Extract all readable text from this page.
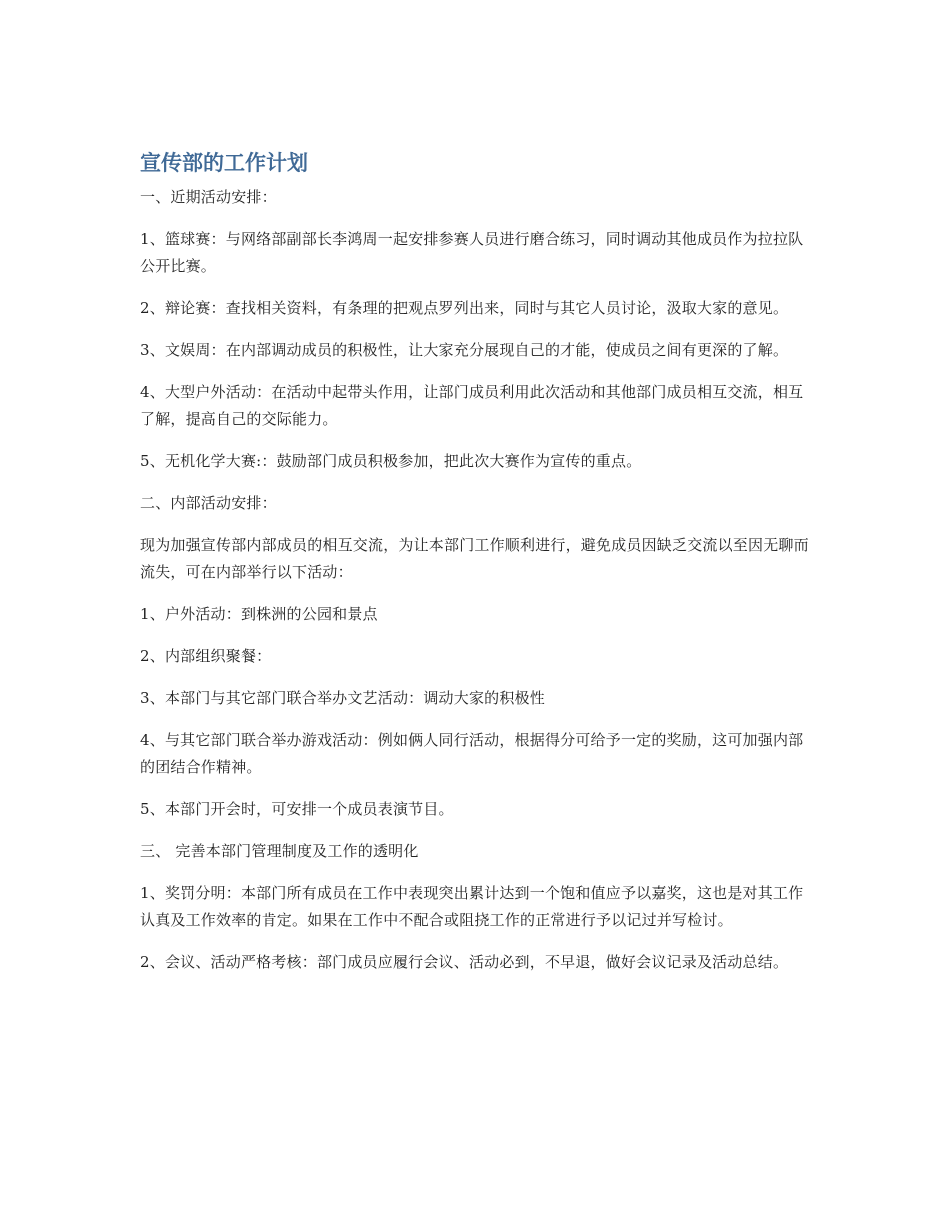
宣传部的工作计划

一、近期活动安排：

1、篮球赛：与网络部副部长李鸿周一起安排参赛人员进行磨合练习，同时调动其他成员作为拉拉队公开比赛。

2、辩论赛：查找相关资料，有条理的把观点罗列出来，同时与其它人员讨论，汲取大家的意见。

3、文娱周：在内部调动成员的积极性，让大家充分展现自己的才能，使成员之间有更深的了解。

4、大型户外活动：在活动中起带头作用，让部门成员利用此次活动和其他部门成员相互交流，相互了解，提高自己的交际能力。

5、无机化学大赛:：鼓励部门成员积极参加，把此次大赛作为宣传的重点。

二、内部活动安排：

现为加强宣传部内部成员的相互交流，为让本部门工作顺利进行，避免成员因缺乏交流以至因无聊而流失，可在内部举行以下活动：

1、户外活动：到株洲的公园和景点

2、内部组织聚餐：

3、本部门与其它部门联合举办文艺活动：调动大家的积极性

4、与其它部门联合举办游戏活动：例如俩人同行活动，根据得分可给予一定的奖励，这可加强内部的团结合作精神。

5、本部门开会时，可安排一个成员表演节目。

三、 完善本部门管理制度及工作的透明化

1、奖罚分明：本部门所有成员在工作中表现突出累计达到一个饱和值应予以嘉奖，这也是对其工作认真及工作效率的肯定。如果在工作中不配合或阻挠工作的正常进行予以记过并写检讨。

2、会议、活动严格考核：部门成员应履行会议、活动必到，不早退，做好会议记录及活动总结。
